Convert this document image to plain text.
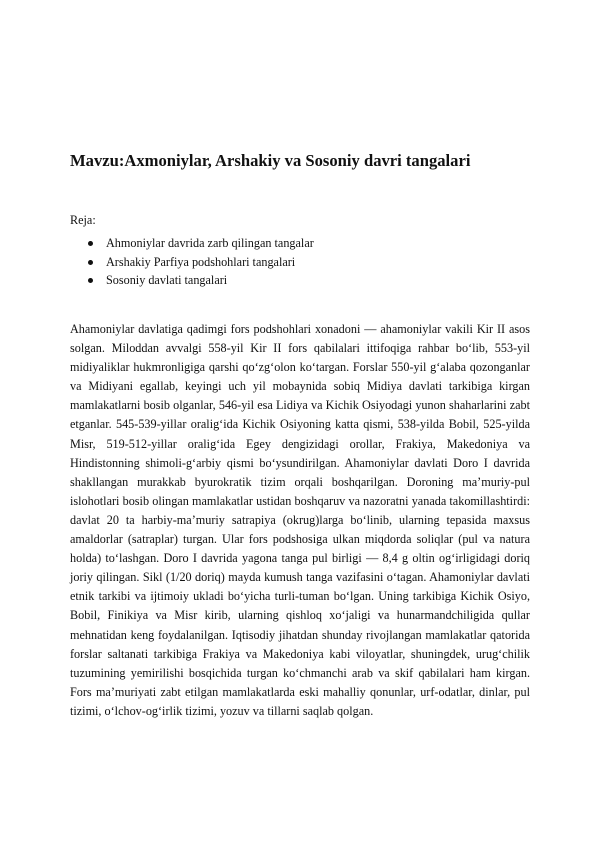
Mavzu:Axmoniylar, Arshakiy va Sosoniy davri tangalari

Reja:

Ahmoniylar davrida zarb qilingan tangalar
Arshakiy Parfiya podshohlari tangalari
Sosoniy davlati tangalari

Ahamoniylar davlatiga qadimgi fors podshohlari xonadoni — ahamoniylar vakili Kir II asos solgan. Miloddan avvalgi 558-yil Kir II fors qabilalari ittifoqiga rahbar boʻlib, 553-yil midiyaliklar hukmronligiga qarshi qoʻzgʻolon koʻtargan. Forslar 550-yil gʻalaba qozonganlar va Midiyani egallab, keyingi uch yil mobaynida sobiq Midiya davlati tarkibiga kirgan mamlakatlarni bosib olganlar, 546-yil esa Lidiya va Kichik Osiyodagi yunon shaharlarini zabt etganlar. 545-539-yillar oraligʻida Kichik Osiyoning katta qismi, 538-yilda Bobil, 525-yilda Misr, 519-512-yillar oraligʻida Egey dengizidagi orollar, Frakiya, Makedoniya va Hindistonning shimoli-gʻarbiy qismi boʻysundirilgan. Ahamoniylar davlati Doro I davrida shakllangan murakkab byurokratik tizim orqali boshqarilgan. Doroning maʼmuriy-pul islohotlari bosib olingan mamlakatlar ustidan boshqaruv va nazoratni yanada takomillashtirdi: davlat 20 ta harbiy-maʼmuriy satrapiya (okrug)larga boʻlinib, ularning tepasida maxsus amaldorlar (satraplar) turgan. Ular fors podshosiga ulkan miqdorda soliqlar (pul va natura holda) toʻlashgan. Doro I davrida yagona tanga pul birligi — 8,4 g oltin ogʻirligidagi doriq joriy qilingan. Sikl (1/20 doriq) mayda kumush tanga vazifasini oʻtagan. Ahamoniylar davlati etnik tarkibi va ijtimoiy ukladi boʻyicha turli-tuman boʻlgan. Uning tarkibiga Kichik Osiyo, Bobil, Finikiya va Misr kirib, ularning qishloq xoʻjaligi va hunarmandchiligida qullar mehnatidan keng foydalanilgan. Iqtisodiy jihatdan shunday rivojlangan mamlakatlar qatorida forslar saltanati tarkibiga Frakiya va Makedoniya kabi viloyatlar, shuningdek, urugʻchilik tuzumining yemirilishi bosqichida turgan koʻchmanchi arab va skif qabilalari ham kirgan. Fors maʼmuriyati zabt etilgan mamlakatlarda eski mahalliy qonunlar, urf-odatlar, dinlar, pul tizimi, oʻlchov-ogʻirlik tizimi, yozuv va tillarni saqlab qolgan.
